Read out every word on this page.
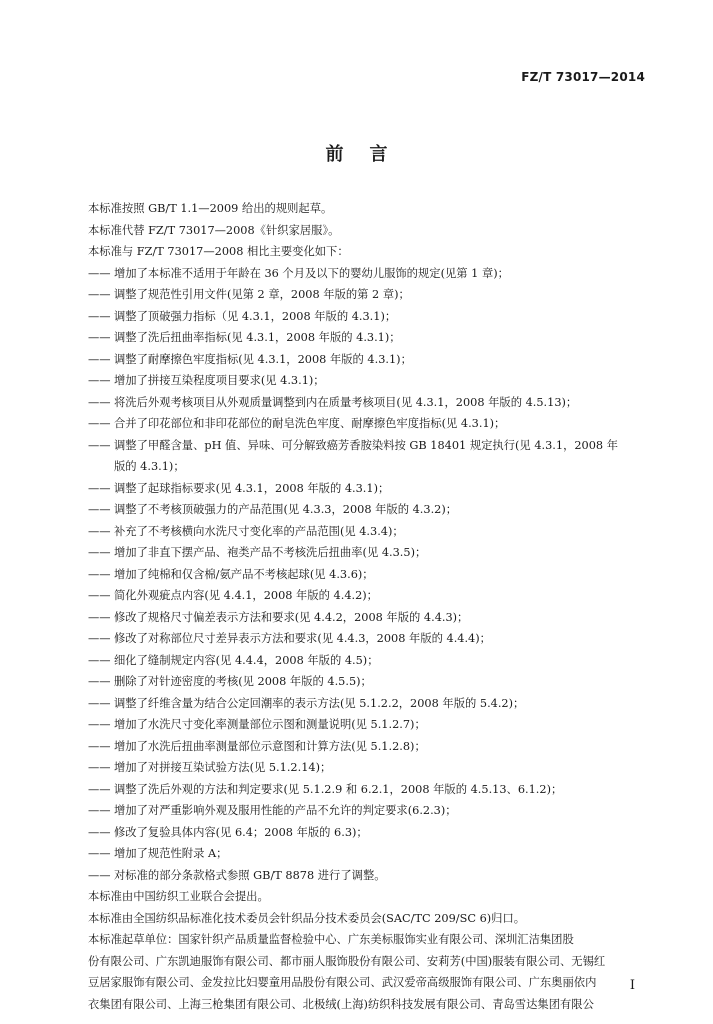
FZ/T 73017—2014
前言

本标准按照 GB/T 1.1—2009 给出的规则起草。

本标准代替 FZ/T 73017—2008《针织家居服》。

本标准与 FZ/T 73017—2008 相比主要变化如下：

—— 增加了本标准不适用于年龄在 36 个月及以下的婴幼儿服饰的规定(见第 1 章)；

—— 调整了规范性引用文件(见第 2 章，2008 年版的第 2 章)；

—— 调整了顶破强力指标（见 4.3.1，2008 年版的 4.3.1)；

—— 调整了洗后扭曲率指标(见 4.3.1，2008 年版的 4.3.1)；

—— 调整了耐摩擦色牢度指标(见 4.3.1，2008 年版的 4.3.1)；

—— 增加了拼接互染程度项目要求(见 4.3.1)；

—— 将洗后外观考核项目从外观质量调整到内在质量考核项目(见 4.3.1，2008 年版的 4.5.13)；

—— 合并了印花部位和非印花部位的耐皂洗色牢度、耐摩擦色牢度指标(见 4.3.1)；

—— 调整了甲醛含量、pH 值、异味、可分解致癌芳香胺染料按 GB 18401 规定执行(见 4.3.1，2008 年

版的 4.3.1)；

—— 调整了起球指标要求(见 4.3.1，2008 年版的 4.3.1)；

—— 调整了不考核顶破强力的产品范围(见 4.3.3，2008 年版的 4.3.2)；

—— 补充了不考核横向水洗尺寸变化率的产品范围(见 4.3.4)；

—— 增加了非直下摆产品、袍类产品不考核洗后扭曲率(见 4.3.5)；

—— 增加了纯棉和仅含棉/氨产品不考核起球(见 4.3.6)；

—— 简化外观疵点内容(见 4.4.1，2008 年版的 4.4.2)；

—— 修改了规格尺寸偏差表示方法和要求(见 4.4.2，2008 年版的 4.4.3)；

—— 修改了对称部位尺寸差异表示方法和要求(见 4.4.3，2008 年版的 4.4.4)；

—— 细化了缝制规定内容(见 4.4.4，2008 年版的 4.5)；

—— 删除了对针迹密度的考核(见 2008 年版的 4.5.5)；

—— 调整了纤维含量为结合公定回潮率的表示方法(见 5.1.2.2，2008 年版的 5.4.2)；

—— 增加了水洗尺寸变化率测量部位示图和测量说明(见 5.1.2.7)；

—— 增加了水洗后扭曲率测量部位示意图和计算方法(见 5.1.2.8)；

—— 增加了对拼接互染试验方法(见 5.1.2.14)；

—— 调整了洗后外观的方法和判定要求(见 5.1.2.9 和 6.2.1，2008 年版的 4.5.13、6.1.2)；

—— 增加了对严重影响外观及服用性能的产品不允许的判定要求(6.2.3)；

—— 修改了复验具体内容(见 6.4；2008 年版的 6.3)；

—— 增加了规范性附录 A；

—— 对标准的部分条款格式参照 GB/T 8878 进行了调整。

本标准由中国纺织工业联合会提出。

本标准由全国纺织品标准化技术委员会针织品分技术委员会(SAC/TC 209/SC 6)归口。

本标准起草单位：国家针织产品质量监督检验中心、广东美标服饰实业有限公司、深圳汇洁集团股

份有限公司、广东凯迪服饰有限公司、都市丽人服饰股份有限公司、安莉芳(中国)服装有限公司、无锡红

豆居家服饰有限公司、金发拉比妇婴童用品股份有限公司、武汉爱帝高级服饰有限公司、广东奥丽依内

衣集团有限公司、上海三枪集团有限公司、北极绒(上海)纺织科技发展有限公司、青岛雪达集团有限公

I
